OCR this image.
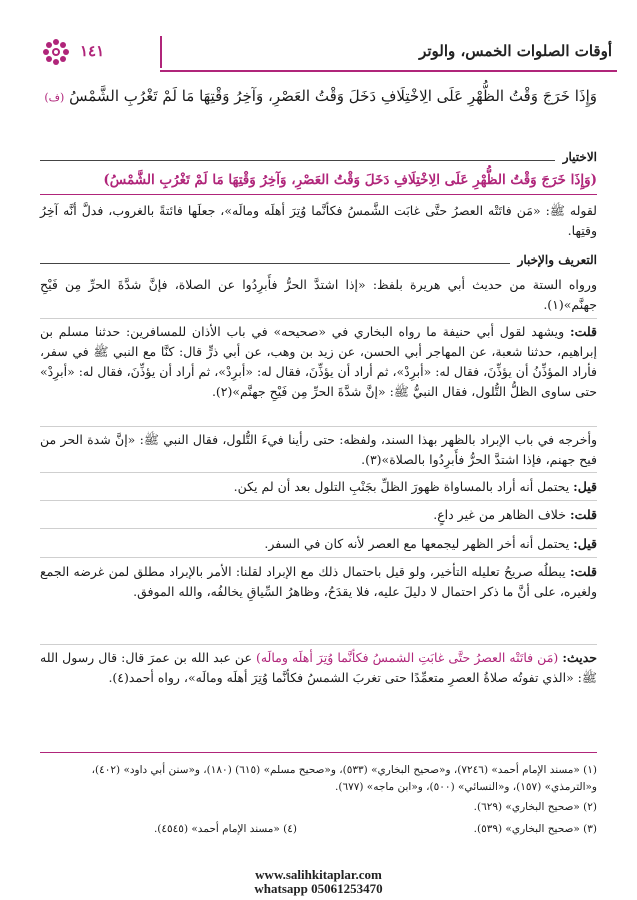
أوقات الصلوات الخمس، والوتر
١٤١
وَإِذَا خَرَجَ وَقْتُ الظُّهْرِ عَلَى الِاخْتِلَافِ دَخَلَ وَقْتُ العَصْرِ، وَآخِرُ وَقْتِهَا مَا لَمْ تَغْرُبِ الشَّمْسُ (ف)
الاختيار
(وَإِذَا خَرَجَ وَقْتُ الظُّهْرِ عَلَى الِاخْتِلَافِ دَخَلَ وَقْتُ العَصْرِ، وَآخِرُ وَقْتِهَا مَا لَمْ تَغْرُبِ الشَّمْسُ)
لقوله ﷺ: «مَن فاتَتْه العصرُ حتَّى غابَت الشَّمسُ فكأنَّما وُتِرَ أهلَه ومالَه»، جعلَها فائتةً بالغروب، فدلَّ أنَّه آخِرُ وقتِها.
التعريف والإخبار
ورواه الستة من حديث أبي هريرة بلفظ: «إذا اشتدَّ الحرُّ فأَبرِدُوا عن الصلاة، فإنَّ شدَّةَ الحرِّ مِن فَيْحِ جهنَّم»(١).
قلت: ويشهد لقول أبي حنيفة ما رواه البخاري في «صحيحه» في باب الأذان للمسافرين: حدثنا مسلم بن إبراهيم، حدثنا شعبة، عن المهاجر أبي الحسن، عن زيد بن وهب، عن أبي ذرٍّ قال: كنَّا مع النبي ﷺ في سفر، فأراد المؤذِّنُ أن يؤذِّنَ، فقال له: «أبرِدْ»، ثم أراد أن يؤذِّنَ، فقال له: «أبرِدْ»، ثم أراد أن يؤذِّنَ، فقال له: «أبرِدْ» حتى ساوى الظلُّ التُّلول، فقال النبيُّ ﷺ: «إنَّ شدَّةَ الحرِّ مِن فَيْحِ جهنَّم»(٢).
وأخرجه في باب الإبراد بالظهر بهذا السند، ولفظه: حتى رأينا فيءَ التُّلول، فقال النبي ﷺ: «إنَّ شدة الحر من فيح جهنم، فإذا اشتدَّ الحرُّ فأَبرِدُوا بالصلاة»(٣).
قيل: يحتمل أنه أراد بالمساواة ظهورَ الظلِّ بجَنْبِ التلول بعد أن لم يكن.
قلت: خلاف الظاهر من غير داعٍ.
قيل: يحتمل أنه أخر الظهر ليجمعها مع العصر لأنه كان في السفر.
قلت: يبطلُه صريحُ تعليله التأخير، ولو قيل باحتمال ذلك مع الإبراد لقلنا: الأمر بالإبراد مطلق لمن غرضه الجمع ولغيره، على أنَّ ما ذكر احتمال لا دليلَ عليه، فلا يقدَحُ، وظاهرُ السِّياقِ يخالفُه، والله الموفق.
حديث: (مَن فاتَتْه العصرُ حتَّى غابَتِ الشمسُ فكأنَّما وُتِرَ أهلَه ومالَه) عن عبد الله بن عمرَ قال: قال رسول الله ﷺ: «الذي تفوتُه صلاةُ العصرِ متعمِّدًا حتى تغربَ الشمسُ فكأنَّما وُتِرَ أهلَه ومالَه»، رواه أحمد(٤).
(١) «مسند الإمام أحمد» (٧٢٤٦)، و«صحيح البخاري» (٥٣٣)، و«صحيح مسلم» (٦١٥) (١٨٠)، و«سنن أبي داود» (٤٠٢)، و«الترمذي» (١٥٧)، و«النسائي» (٥٠٠)، و«ابن ماجه» (٦٧٧).
(٢) «صحيح البخاري» (٦٢٩).
(٣) «صحيح البخاري» (٥٣٩).
(٤) «مسند الإمام أحمد» (٤٥٤٥).
www.salihkitaplar.com
whatsapp 05061253470
